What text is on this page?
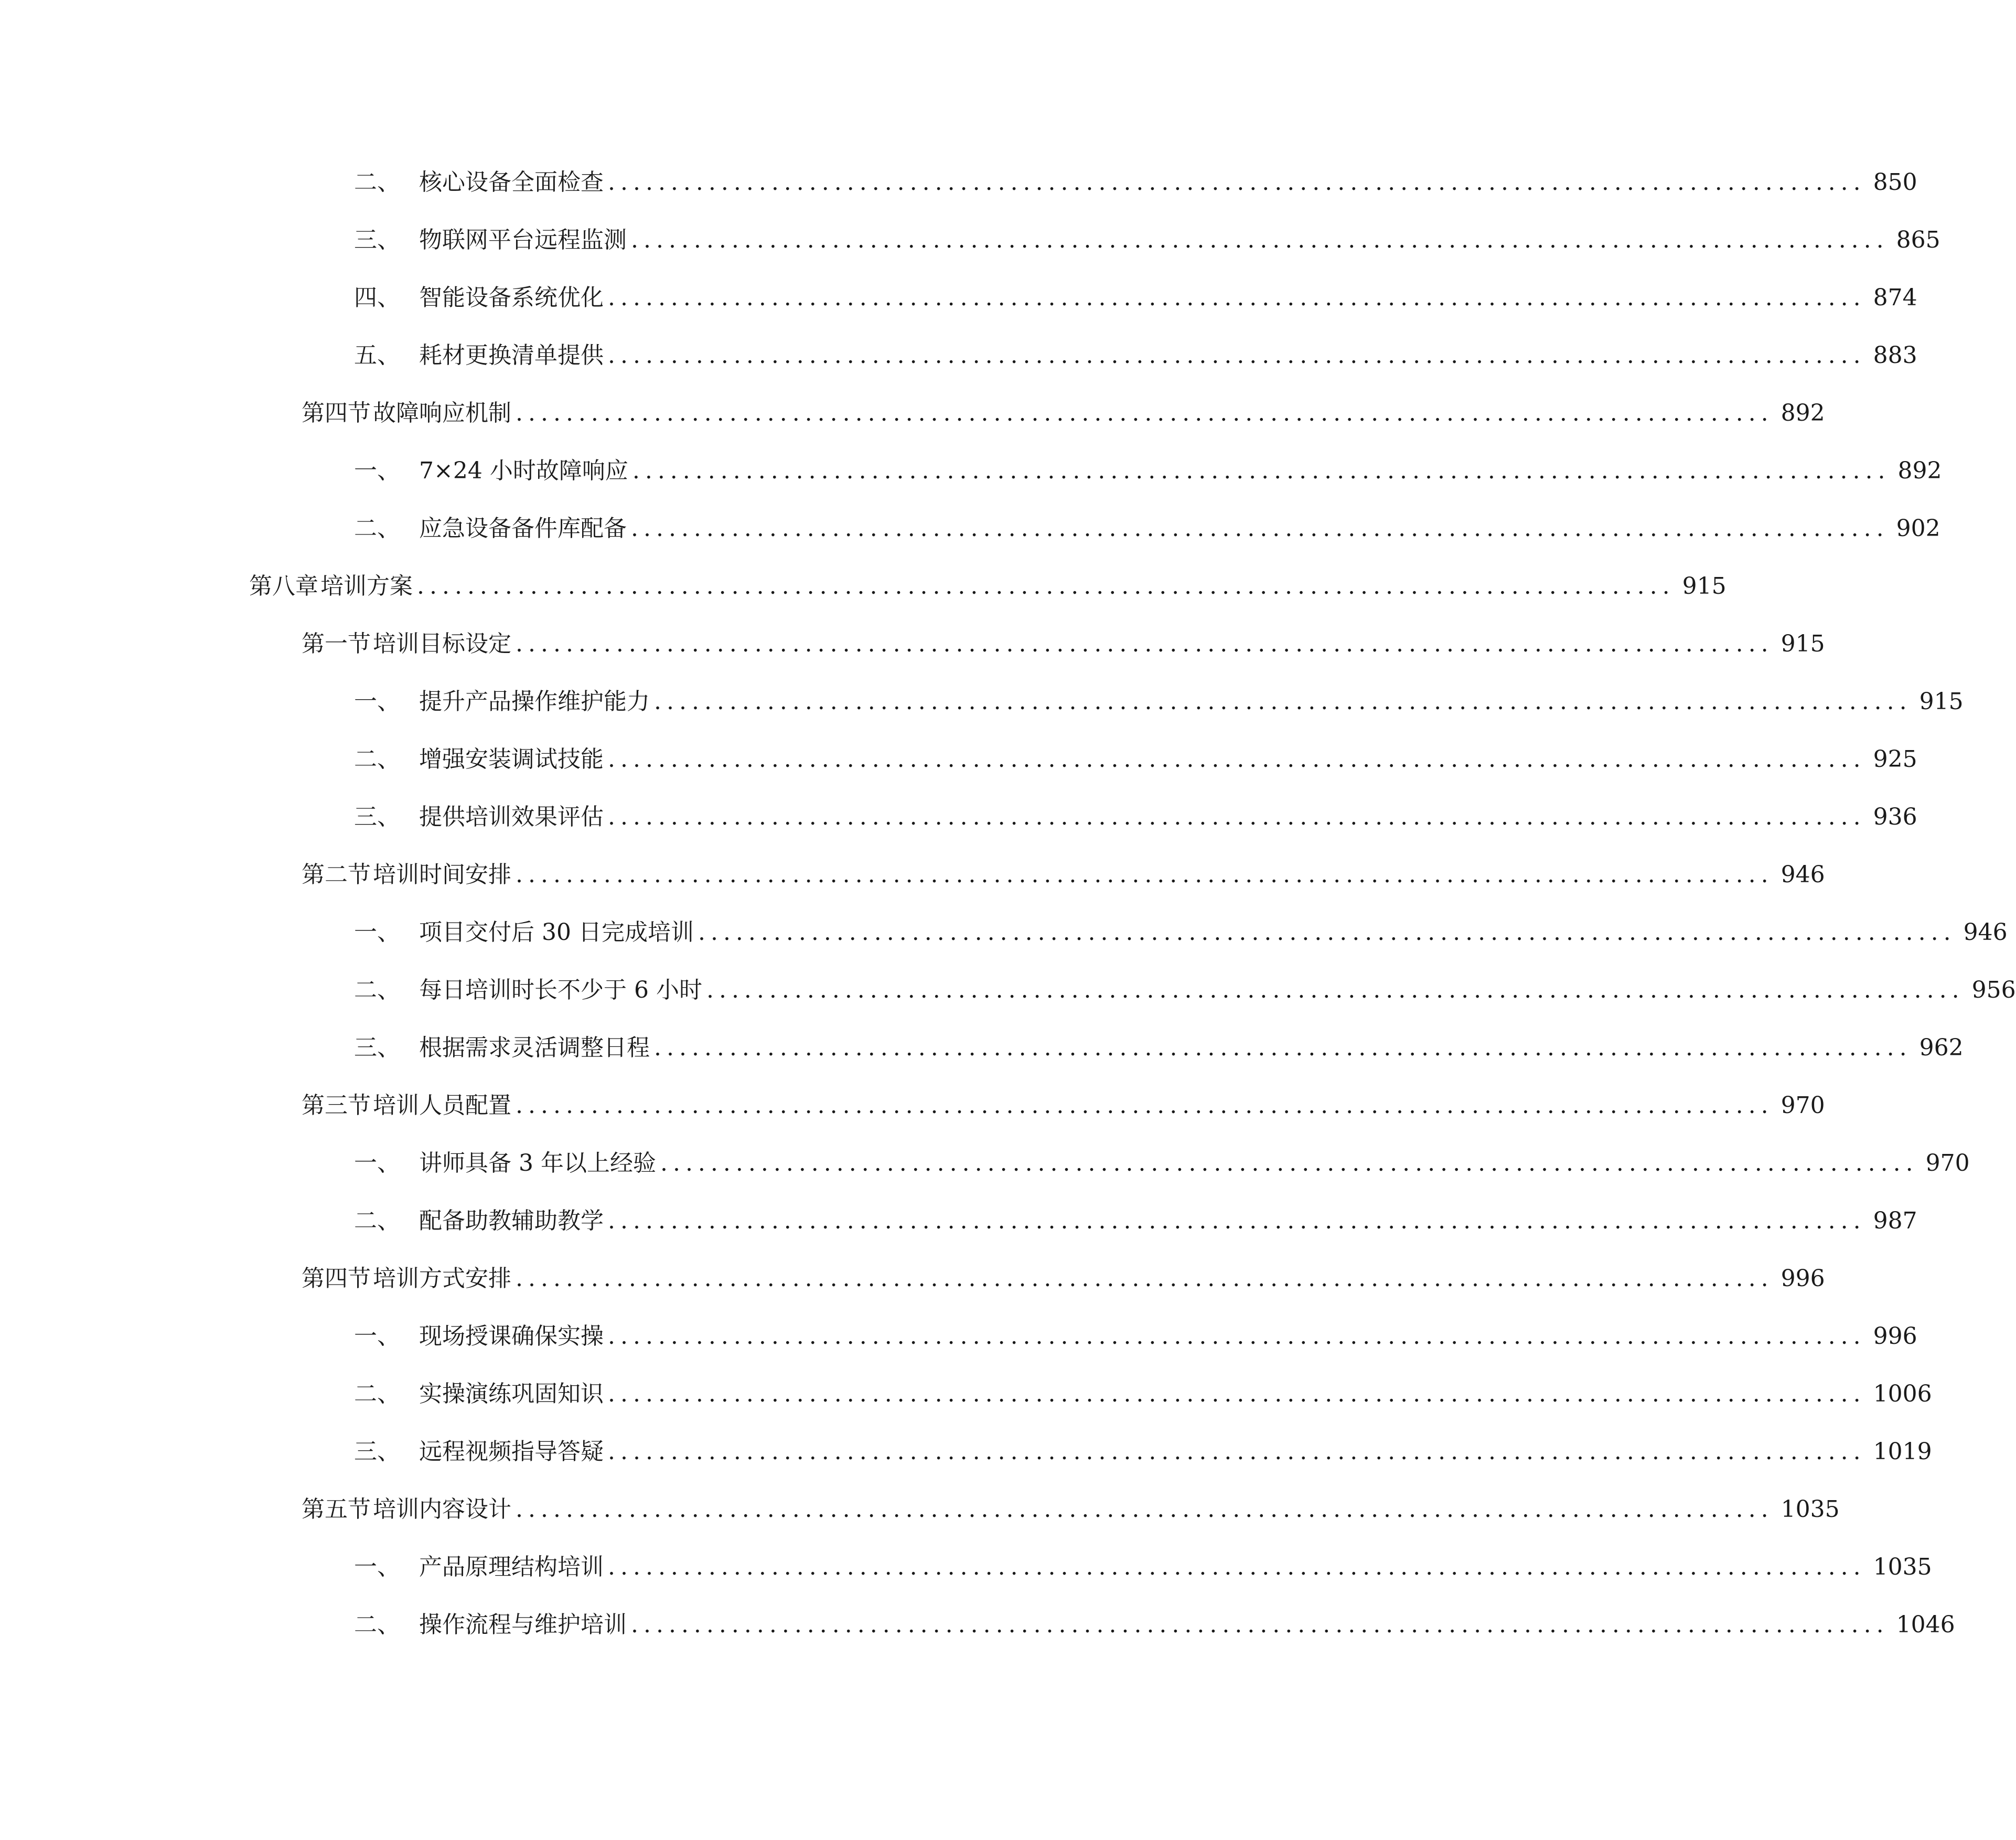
二、 核心设备全面检查 .................................................................................................... 850
三、 物联网平台远程监测 .................................................................................................... 865
四、 智能设备系统优化 .................................................................................................... 874
五、 耗材更换清单提供 .................................................................................................... 883
第四节 故障响应机制 .................................................................................................... 892
一、 7×24 小时故障响应 .................................................................................................... 892
二、 应急设备备件库配备 .................................................................................................... 902
第八章 培训方案 .................................................................................................... 915
第一节 培训目标设定 .................................................................................................... 915
一、 提升产品操作维护能力 .................................................................................................... 915
二、 增强安装调试技能 .................................................................................................... 925
三、 提供培训效果评估 .................................................................................................... 936
第二节 培训时间安排 .................................................................................................... 946
一、 项目交付后 30 日完成培训 .................................................................................................... 946
二、 每日培训时长不少于 6 小时 .................................................................................................... 956
三、 根据需求灵活调整日程 .................................................................................................... 962
第三节 培训人员配置 .................................................................................................... 970
一、 讲师具备 3 年以上经验 .................................................................................................... 970
二、 配备助教辅助教学 .................................................................................................... 987
第四节 培训方式安排 .................................................................................................... 996
一、 现场授课确保实操 .................................................................................................... 996
二、 实操演练巩固知识 .................................................................................................... 1006
三、 远程视频指导答疑 .................................................................................................... 1019
第五节 培训内容设计 .................................................................................................... 1035
一、 产品原理结构培训 .................................................................................................... 1035
二、 操作流程与维护培训 .................................................................................................... 1046
